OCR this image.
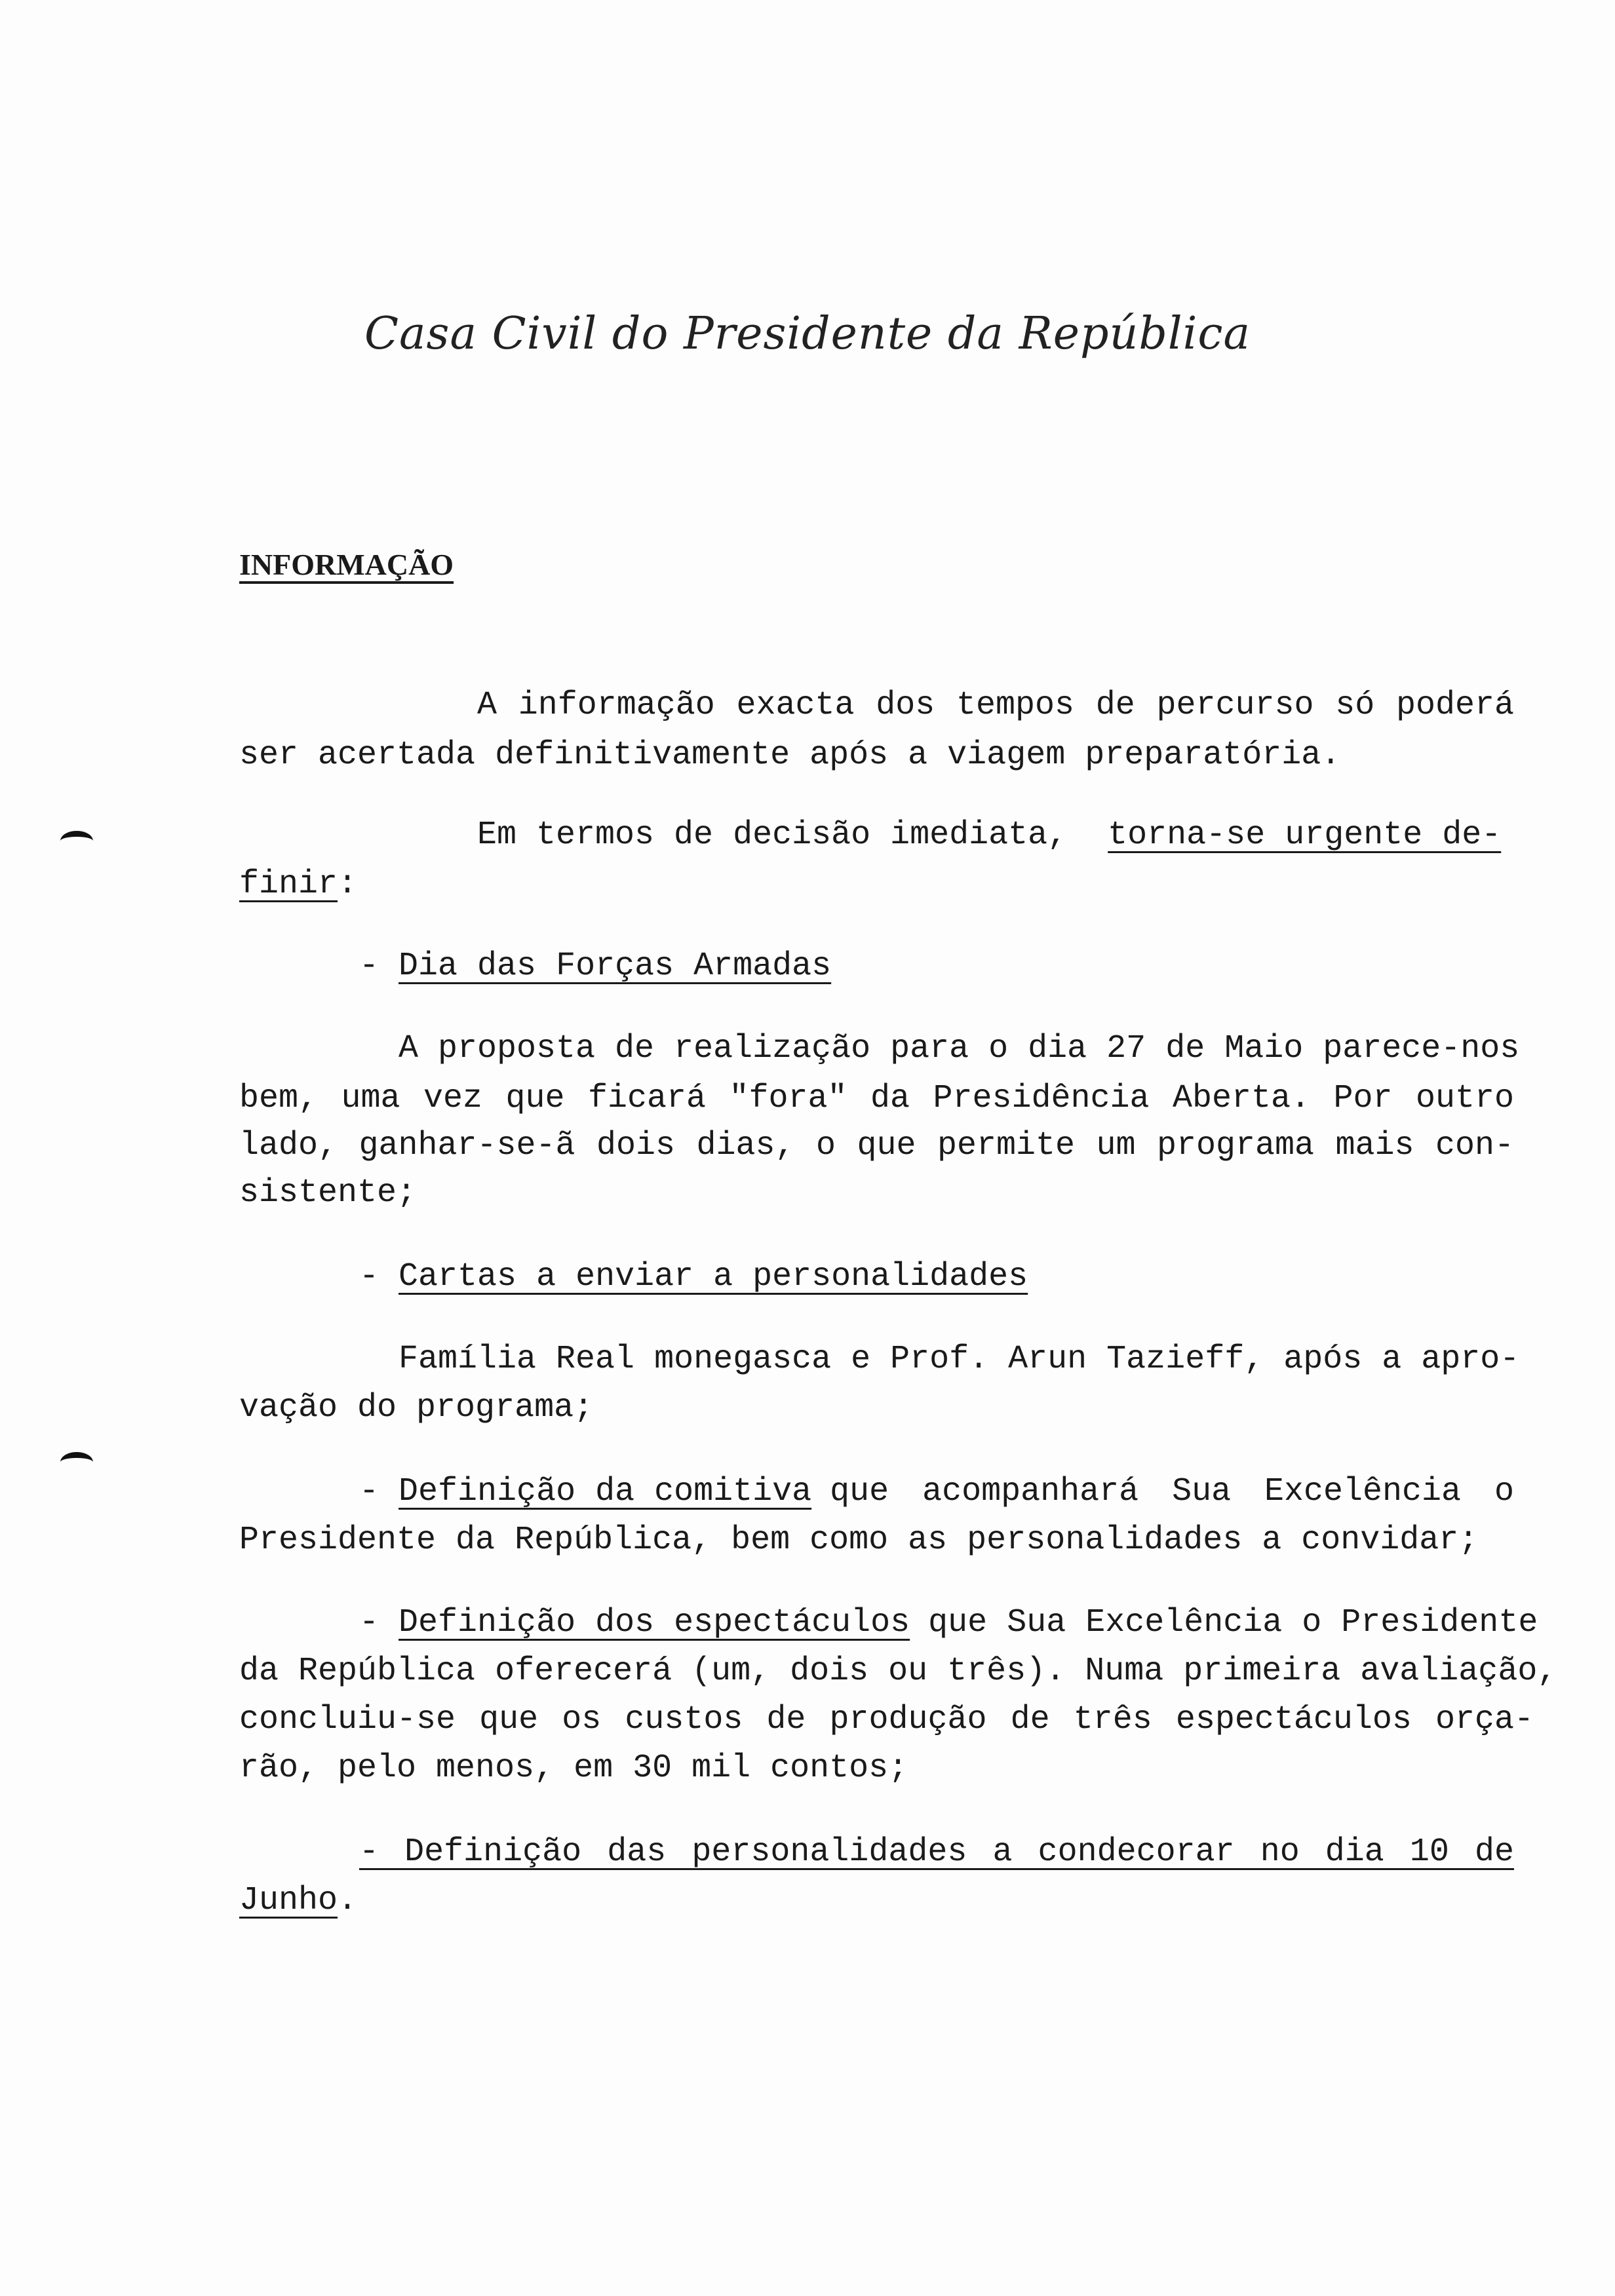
Casa Civil do Presidente da República
INFORMAÇÃO
A informação exacta dos tempos de percurso só poderá
ser acertada definitivamente após a viagem preparatória.
Em termos de decisão imediata, torna-se urgente de-
finir:
- Dia das Forças Armadas
A proposta de realização para o dia 27 de Maio parece-nos
bem, uma vez que ficará "fora" da Presidência Aberta. Por outro
lado, ganhar-se-ã dois dias, o que permite um programa mais con-
sistente;
- Cartas a enviar a personalidades
Família Real monegasca e Prof. Arun Tazieff, após a apro-
vação do programa;
- Definição da comitiva que acompanhará Sua Excelência o
Presidente da República, bem como as personalidades a convidar;
- Definição dos espectáculos que Sua Excelência o Presidente
da República oferecerá (um, dois ou três). Numa primeira avaliação,
concluiu-se que os custos de produção de três espectáculos orça-
rão, pelo menos, em 30 mil contos;
- Definição das personalidades a condecorar no dia 10 de
Junho.
